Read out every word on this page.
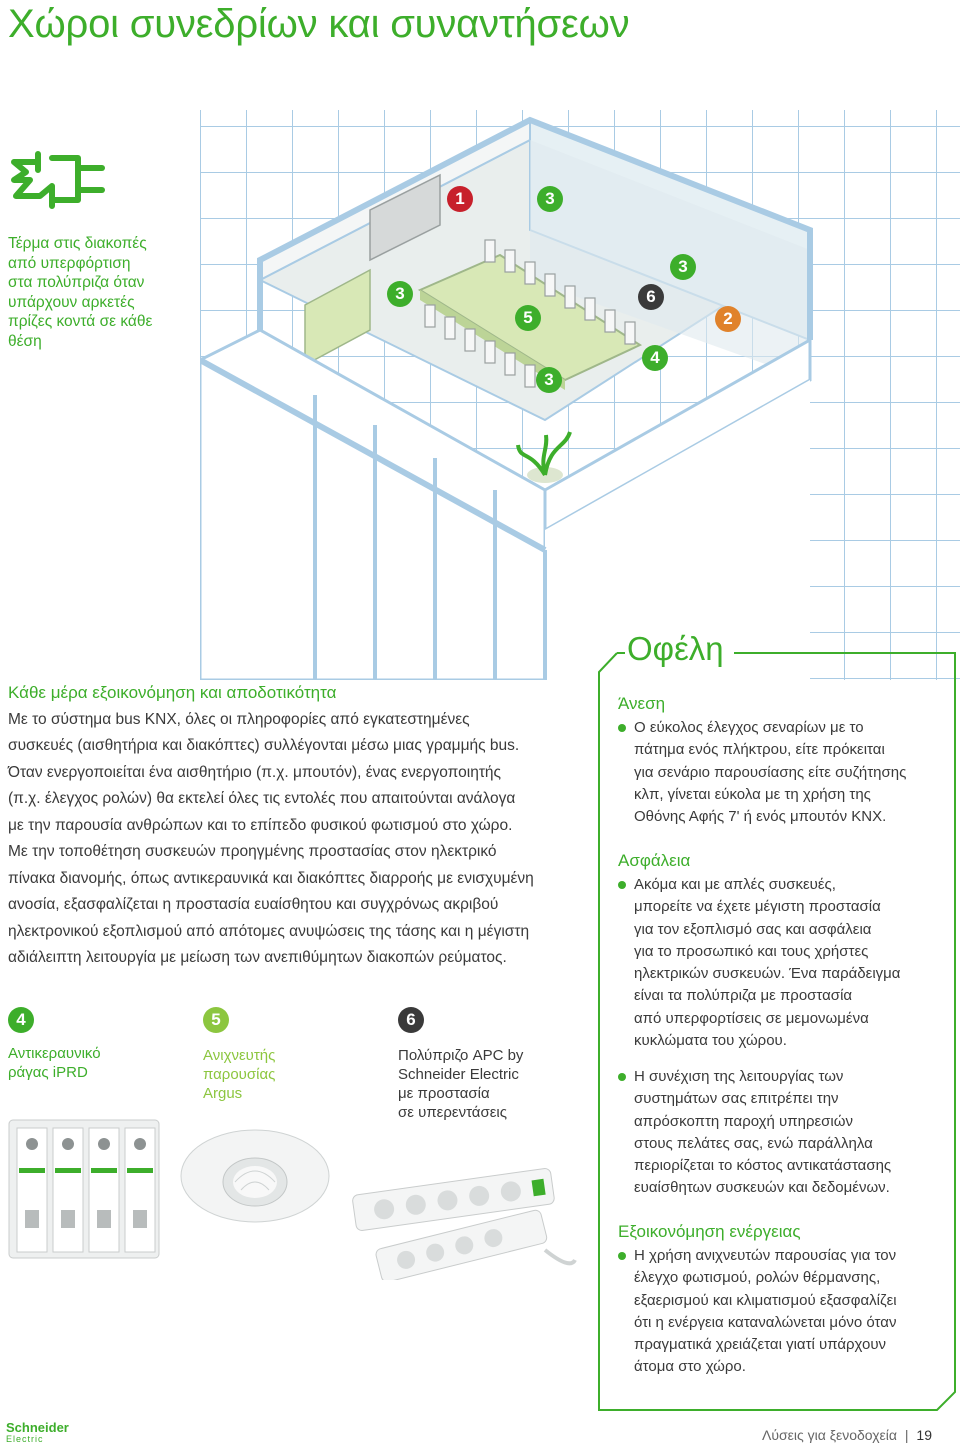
Χώροι συνεδρίων και συναντήσεων
Τέρμα στις διακοπές
από υπερφόρτιση
στα πολύπριζα όταν
υπάρχουν αρκετές
πρίζες κοντά σε κάθε
θέση
1
2
3
3
3
3
4
5
6
Κάθε μέρα εξοικονόμηση και αποδοτικότητα
Με το σύστημα bus KNX, όλες οι πληροφορίες από εγκατεστημένες
συσκευές (αισθητήρια και διακόπτες) συλλέγονται μέσω μιας γραμμής bus.
Όταν ενεργοποιείται ένα αισθητήριο (π.χ. μπουτόν), ένας ενεργοποιητής
(π.χ. έλεγχος ρολών) θα εκτελεί όλες τις εντολές που απαιτούνται ανάλογα
με την παρουσία ανθρώπων και το επίπεδο φυσικού φωτισμού στο χώρο.
Με την τοποθέτηση συσκευών προηγμένης προστασίας στον ηλεκτρικό
πίνακα διανομής, όπως αντικεραυνικά και διακόπτες διαρροής με ενισχυμένη
ανοσία, εξασφαλίζεται η προστασία ευαίσθητου και συγχρόνως ακριβού
ηλεκτρονικού εξοπλισμού από απότομες ανυψώσεις της τάσης και η μέγιστη
αδιάλειπτη λειτουργία με μείωση των ανεπιθύμητων διακοπών ρεύματος.
4
Αντικεραυνικό
ράγας iPRD
5
Ανιχνευτής
παρουσίας
Argus
6
Πολύπριζο APC by
Schneider Electric
με προστασία
σε υπερεντάσεις
Οφέλη
Άνεση
Ο εύκολος έλεγχος σεναρίων με το
πάτημα ενός πλήκτρου, είτε πρόκειται
για σενάριο παρουσίασης είτε συζήτησης
κλπ, γίνεται εύκολα με τη χρήση της
Οθόνης Αφής 7' ή ενός μπουτόν KNX.
Ασφάλεια
Ακόμα και με απλές συσκευές,
μπορείτε να έχετε μέγιστη προστασία
για τον εξοπλισμό σας και ασφάλεια
για το προσωπικό και τους χρήστες
ηλεκτρικών συσκευών. Ένα παράδειγμα
είναι τα πολύπριζα με προστασία
από υπερφορτίσεις σε μεμονωμένα
κυκλώματα του χώρου.
Η συνέχιση της λειτουργίας των
συστημάτων σας επιτρέπει την
απρόσκοπτη παροχή υπηρεσιών
στους πελάτες σας, ενώ παράλληλα
περιορίζεται το κόστος αντικατάστασης
ευαίσθητων συσκευών και δεδομένων.
Εξοικονόμηση ενέργειας
Η χρήση ανιχνευτών παρουσίας για τον
έλεγχο φωτισμού, ρολών θέρμανσης,
εξαερισμού και κλιματισμού εξασφαλίζει
ότι η ενέργεια καταναλώνεται μόνο όταν
πραγματικά χρειάζεται γιατί υπάρχουν
άτομα στο χώρο.
Schneider
Electric	Λύσεις για ξενοδοχεία | 19
